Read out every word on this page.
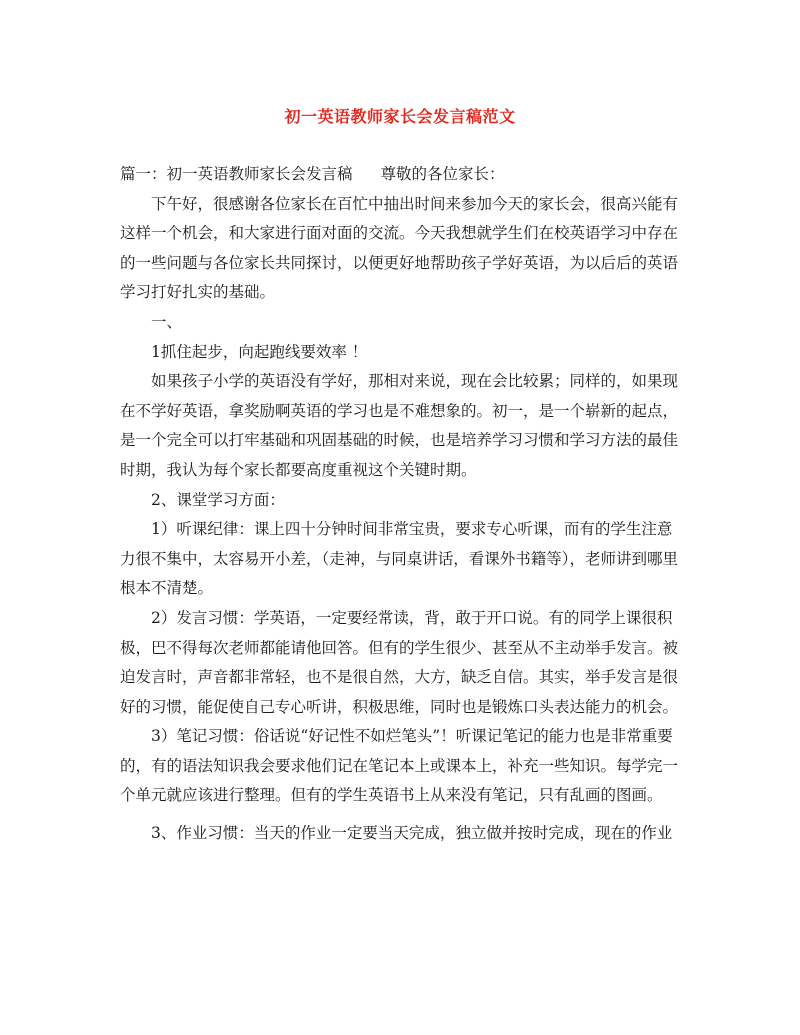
初一英语教师家长会发言稿范文

篇一：初一英语教师家长会发言稿 尊敬的各位家长：

下午好，很感谢各位家长在百忙中抽出时间来参加今天的家长会，很高兴能有这样一个机会，和大家进行面对面的交流。今天我想就学生们在校英语学习中存在的一些问题与各位家长共同探讨，以便更好地帮助孩子学好英语，为以后后的英语学习打好扎实的基础。

一、

1抓住起步，向起跑线要效率 ！

如果孩子小学的英语没有学好，那相对来说，现在会比较累；同样的，如果现在不学好英语，拿奖励啊英语的学习也是不难想象的。初一，是一个崭新的起点，是一个完全可以打牢基础和巩固基础的时候，也是培养学习习惯和学习方法的最佳时期，我认为每个家长都要高度重视这个关键时期。

2、课堂学习方面：

1）听课纪律：课上四十分钟时间非常宝贵，要求专心听课，而有的学生注意力很不集中，太容易开小差，（走神，与同桌讲话，看课外书籍等），老师讲到哪里根本不清楚。

2）发言习惯：学英语，一定要经常读，背，敢于开口说。有的同学上课很积极，巴不得每次老师都能请他回答。但有的学生很少、甚至从不主动举手发言。被迫发言时，声音都非常轻，也不是很自然，大方，缺乏自信。其实，举手发言是很好的习惯，能促使自己专心听讲，积极思维，同时也是锻炼口头表达能力的机会。

3）笔记习惯：俗话说“好记性不如烂笔头”！听课记笔记的能力也是非常重要的，有的语法知识我会要求他们记在笔记本上或课本上，补充一些知识。每学完一个单元就应该进行整理。但有的学生英语书上从来没有笔记，只有乱画的图画。

3、作业习惯：当天的作业一定要当天完成，独立做并按时完成，现在的作业
